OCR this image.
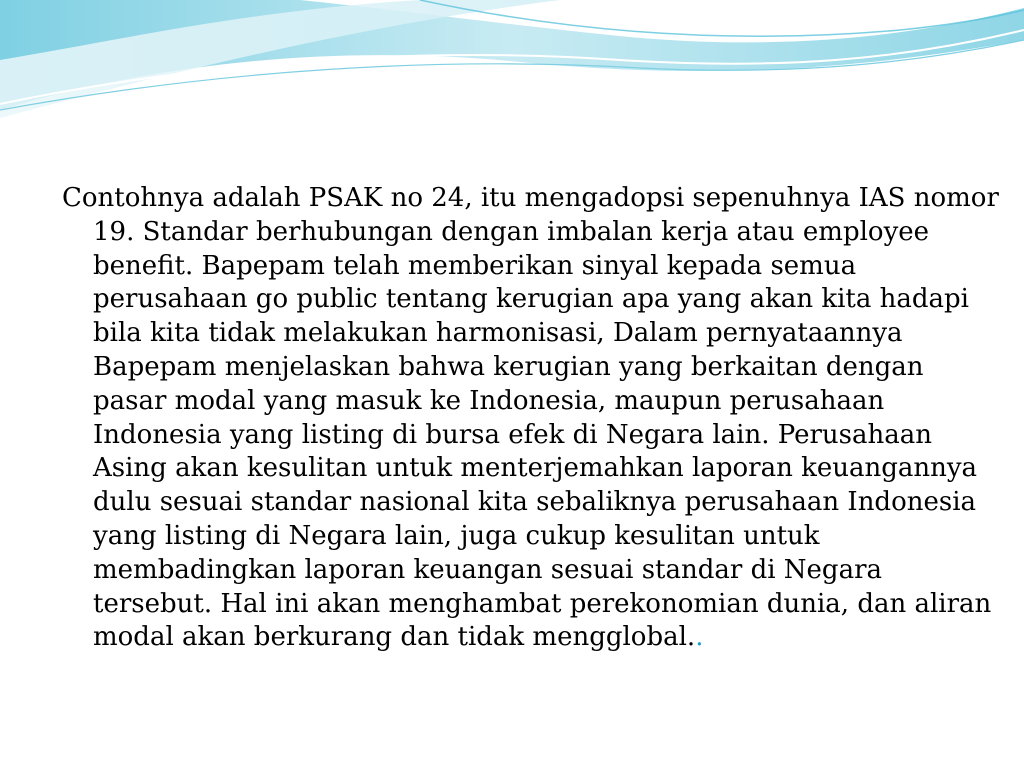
Contohnya adalah PSAK no 24, itu mengadopsi sepenuhnya IAS nomor 19. Standar berhubungan dengan imbalan kerja atau employee benefit. Bapepam telah memberikan sinyal kepada semua perusahaan go public tentang kerugian apa yang akan kita hadapi bila kita tidak melakukan harmonisasi, Dalam pernyataannya Bapepam menjelaskan bahwa kerugian yang berkaitan dengan pasar modal yang masuk ke Indonesia, maupun perusahaan Indonesia yang listing di bursa efek di Negara lain. Perusahaan Asing akan kesulitan untuk menterjemahkan laporan keuangannya dulu sesuai standar nasional kita sebaliknya perusahaan Indonesia yang listing di Negara lain, juga cukup kesulitan untuk membadingkan laporan keuangan sesuai standar di Negara tersebut. Hal ini akan menghambat perekonomian dunia, dan aliran modal akan berkurang dan tidak mengglobal..
